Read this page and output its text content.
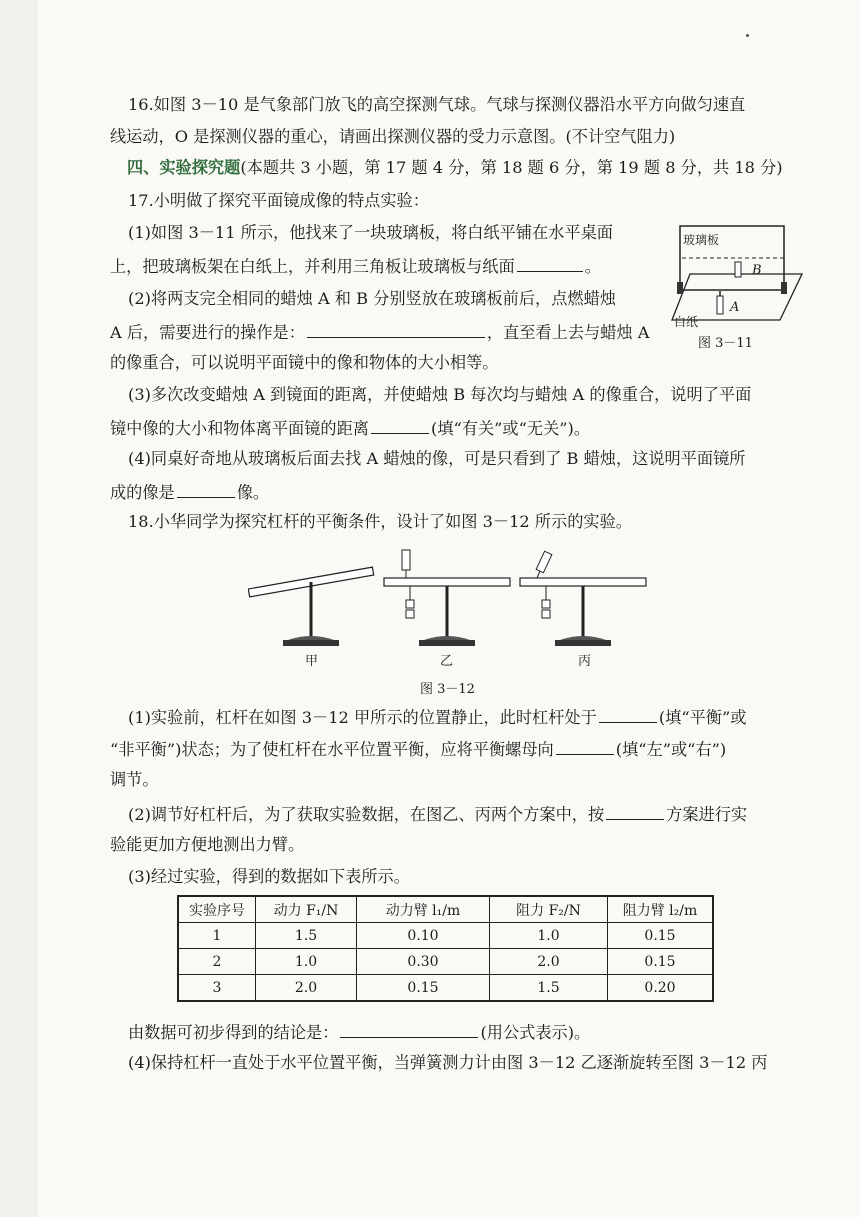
16.如图 3－10 是气象部门放飞的高空探测气球。气球与探测仪器沿水平方向做匀速直
线运动，O 是探测仪器的重心，请画出探测仪器的受力示意图。(不计空气阻力)
四、实验探究题(本题共 3 小题，第 17 题 4 分，第 18 题 6 分，第 19 题 8 分，共 18 分)
17.小明做了探究平面镜成像的特点实验：
(1)如图 3－11 所示，他找来了一块玻璃板，将白纸平铺在水平桌面
上，把玻璃板架在白纸上，并利用三角板让玻璃板与纸面	。
(2)将两支完全相同的蜡烛 A 和 B 分别竖放在玻璃板前后，点燃蜡烛
A 后，需要进行的操作是：	，直至看上去与蜡烛 A
的像重合，可以说明平面镜中的像和物体的大小相等。
(3)多次改变蜡烛 A 到镜面的距离，并使蜡烛 B 每次均与蜡烛 A 的像重合，说明了平面
镜中像的大小和物体离平面镜的距离	(填“有关”或“无关”)。
(4)同桌好奇地从玻璃板后面去找 A 蜡烛的像，可是只看到了 B 蜡烛，这说明平面镜所
成的像是	像。
玻璃板
B
A
白纸
图 3－11
18.小华同学为探究杠杆的平衡条件，设计了如图 3－12 所示的实验。
甲	乙	丙
图 3－12
(1)实验前，杠杆在如图 3－12 甲所示的位置静止，此时杠杆处于	(填“平衡”或
“非平衡”)状态；为了使杠杆在水平位置平衡，应将平衡螺母向	(填“左”或“右”)
调节。
(2)调节好杠杆后，为了获取实验数据，在图乙、丙两个方案中，按	方案进行实
验能更加方便地测出力臂。
(3)经过实验，得到的数据如下表所示。
实验序号	动力 F₁/N	动力臂 l₁/m	阻力 F₂/N	阻力臂 l₂/m
1	1.5	0.10	1.0	0.15
2	1.0	0.30	2.0	0.15
3	2.0	0.15	1.5	0.20
由数据可初步得到的结论是：	(用公式表示)。
(4)保持杠杆一直处于水平位置平衡，当弹簧测力计由图 3－12 乙逐渐旋转至图 3－12 丙
